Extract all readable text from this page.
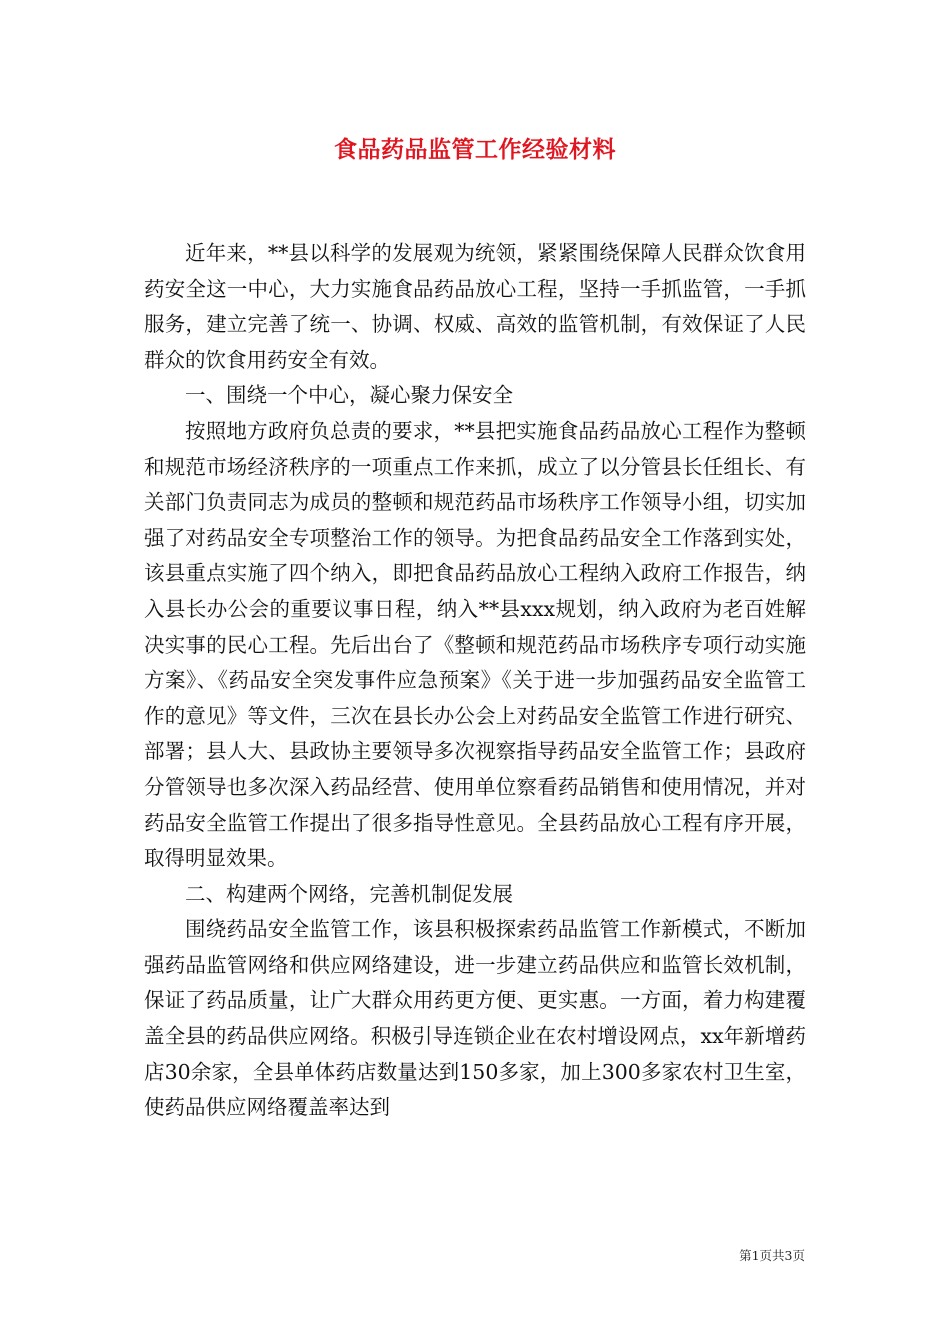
食品药品监管工作经验材料

近年来，**县以科学的发展观为统领，紧紧围绕保障人民群众饮食用药安全这一中心，大力实施食品药品放心工程，坚持一手抓监管，一手抓服务，建立完善了统一、协调、权威、高效的监管机制，有效保证了人民群众的饮食用药安全有效。

一、围绕一个中心，凝心聚力保安全

按照地方政府负总责的要求，**县把实施食品药品放心工程作为整顿和规范市场经济秩序的一项重点工作来抓，成立了以分管县长任组长、有关部门负责同志为成员的整顿和规范药品市场秩序工作领导小组，切实加强了对药品安全专项整治工作的领导。为把食品药品安全工作落到实处，该县重点实施了四个纳入，即把食品药品放心工程纳入政府工作报告，纳入县长办公会的重要议事日程，纳入**县xxx规划，纳入政府为老百姓解决实事的民心工程。先后出台了《整顿和规范药品市场秩序专项行动实施方案》、《药品安全突发事件应急预案》《关于进一步加强药品安全监管工作的意见》等文件，三次在县长办公会上对药品安全监管工作进行研究、部署；县人大、县政协主要领导多次视察指导药品安全监管工作；县政府分管领导也多次深入药品经营、使用单位察看药品销售和使用情况，并对药品安全监管工作提出了很多指导性意见。全县药品放心工程有序开展，取得明显效果。

二、构建两个网络，完善机制促发展

围绕药品安全监管工作，该县积极探索药品监管工作新模式，不断加强药品监管网络和供应网络建设，进一步建立药品供应和监管长效机制，保证了药品质量，让广大群众用药更方便、更实惠。一方面，着力构建覆盖全县的药品供应网络。积极引导连锁企业在农村增设网点，xx年新增药店30余家，全县单体药店数量达到150多家，加上300多家农村卫生室，使药品供应网络覆盖率达到

第1页共3页
